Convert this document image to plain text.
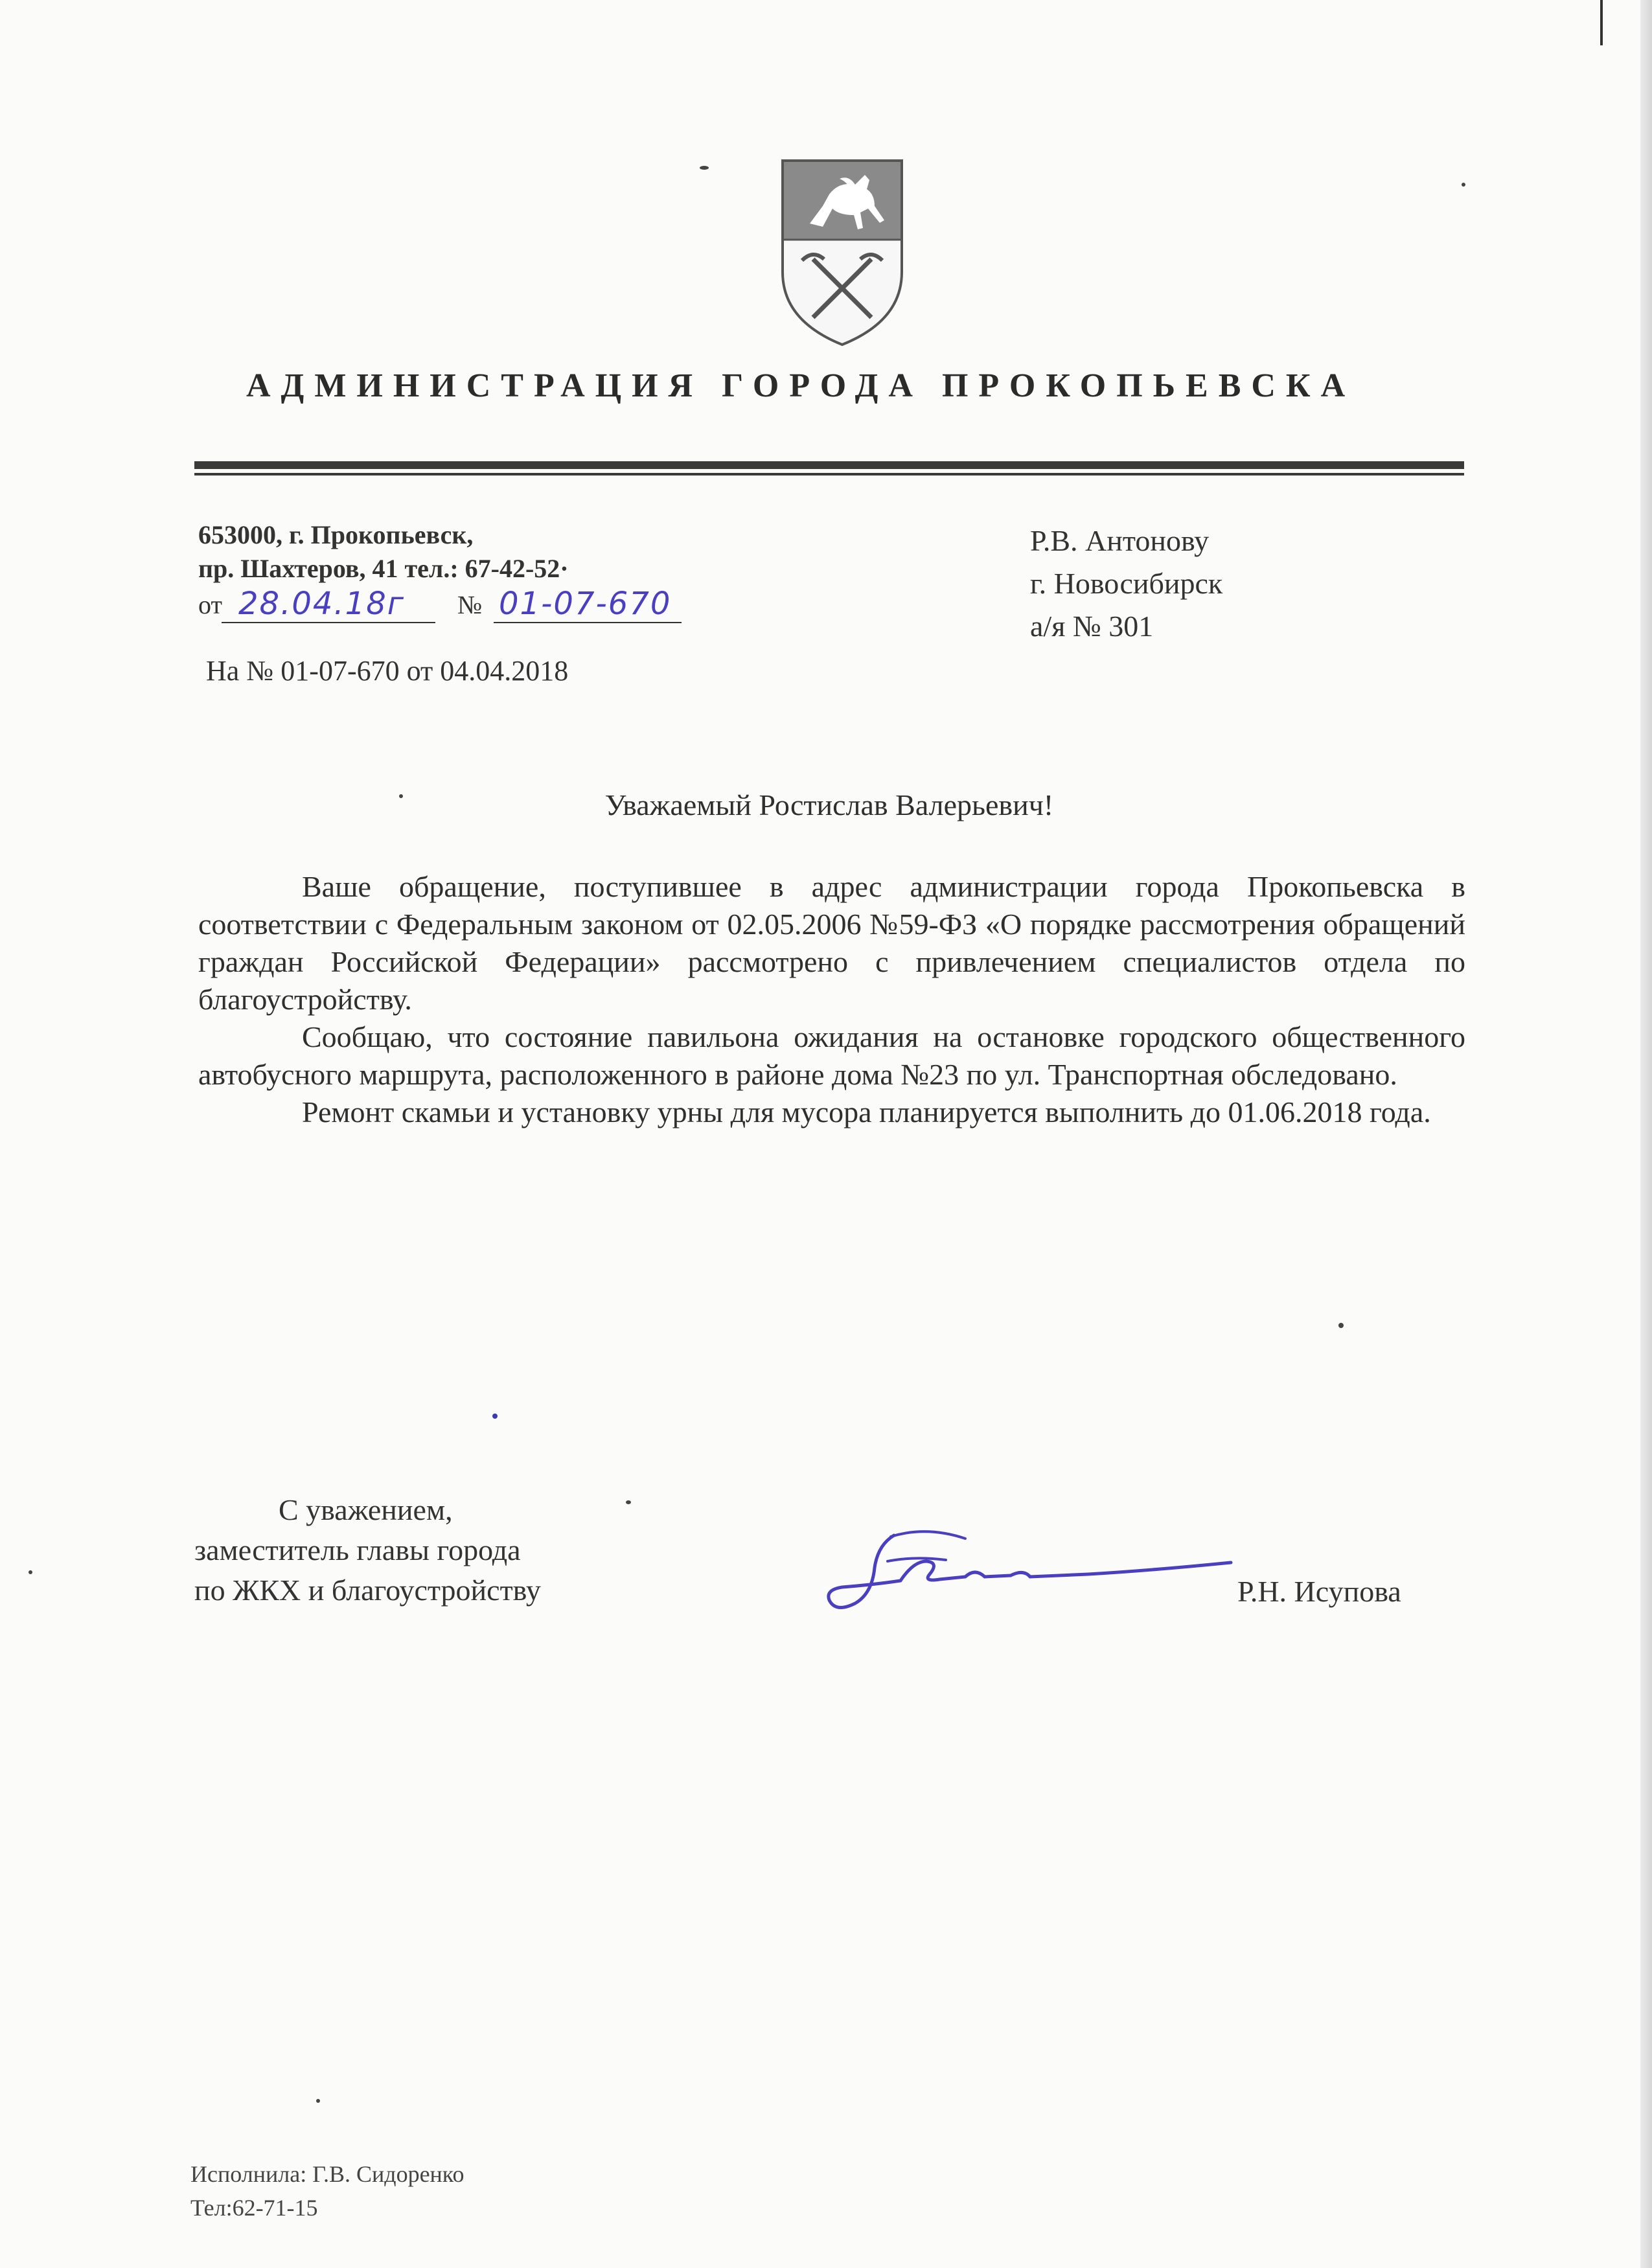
АДМИНИСТРАЦИЯ ГОРОДА ПРОКОПЬЕВСКА
653000, г. Прокопьевск,
пр. Шахтеров, 41 тел.: 67-42-52·
от 28.04.18г № 01-07-670
На № 01-07-670 от 04.04.2018
Р.В. Антонову
г. Новосибирск
а/я № 301
Уважаемый Ростислав Валерьевич!

Ваше обращение, поступившее в адрес администрации города Прокопьевска в соответствии с Федеральным законом от 02.05.2006 №59-ФЗ «О порядке рассмотрения обращений граждан Российской Федерации» рассмотрено с привлечением специалистов отдела по благоустройству.

Сообщаю, что состояние павильона ожидания на остановке городского общественного автобусного маршрута, расположенного в районе дома №23 по ул. Транспортная обследовано.

Ремонт скамьи и установку урны для мусора планируется выполнить до 01.06.2018 года.

С уважением,
заместитель главы города
по ЖКХ и благоустройству	Р.Н. Исупова
Исполнила: Г.В. Сидоренко
Тел:62-71-15
